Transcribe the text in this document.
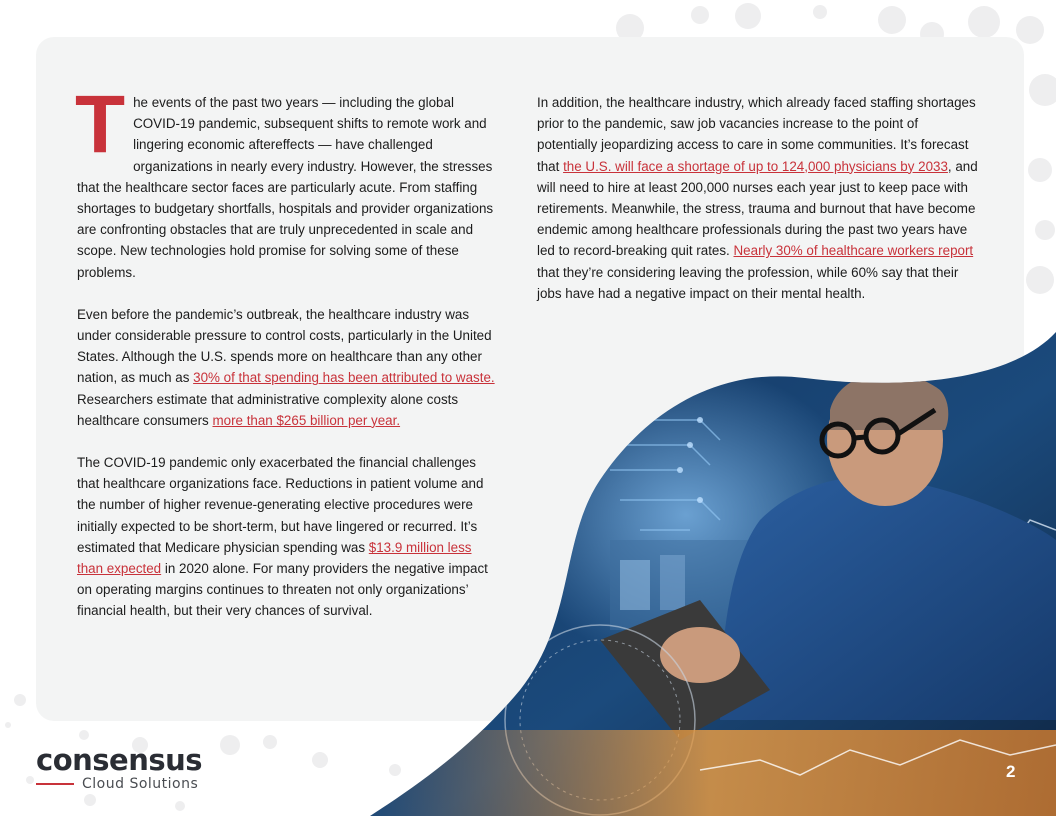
The events of the past two years — including the global COVID-19 pandemic, subsequent shifts to remote work and lingering economic aftereffects — have challenged organizations in nearly every industry. However, the stresses that the healthcare sector faces are particularly acute. From staffing shortages to budgetary shortfalls, hospitals and provider organizations are confronting obstacles that are truly unprecedented in scale and scope. New technologies hold promise for solving some of these problems.

Even before the pandemic’s outbreak, the healthcare industry was under considerable pressure to control costs, particularly in the United States. Although the U.S. spends more on healthcare than any other nation, as much as 30% of that spending has been attributed to waste. Researchers estimate that administrative complexity alone costs healthcare consumers more than $265 billion per year.

The COVID-19 pandemic only exacerbated the financial challenges that healthcare organizations face. Reductions in patient volume and the number of higher revenue-generating elective procedures were initially expected to be short-term, but have lingered or recurred. It’s estimated that Medicare physician spending was $13.9 million less than expected in 2020 alone. For many providers the negative impact on operating margins continues to threaten not only organizations’ financial health, but their very chances of survival.

In addition, the healthcare industry, which already faced staffing shortages prior to the pandemic, saw job vacancies increase to the point of potentially jeopardizing access to care in some communities. It’s forecast that the U.S. will face a shortage of up to 124,000 physicians by 2033, and will need to hire at least 200,000 nurses each year just to keep pace with retirements. Meanwhile, the stress, trauma and burnout that have become endemic among healthcare professionals during the past two years have led to record-breaking quit rates. Nearly 30% of healthcare workers report that they’re considering leaving the profession, while 60% say that their jobs have had a negative impact on their mental health.

consensus
Cloud Solutions
2
